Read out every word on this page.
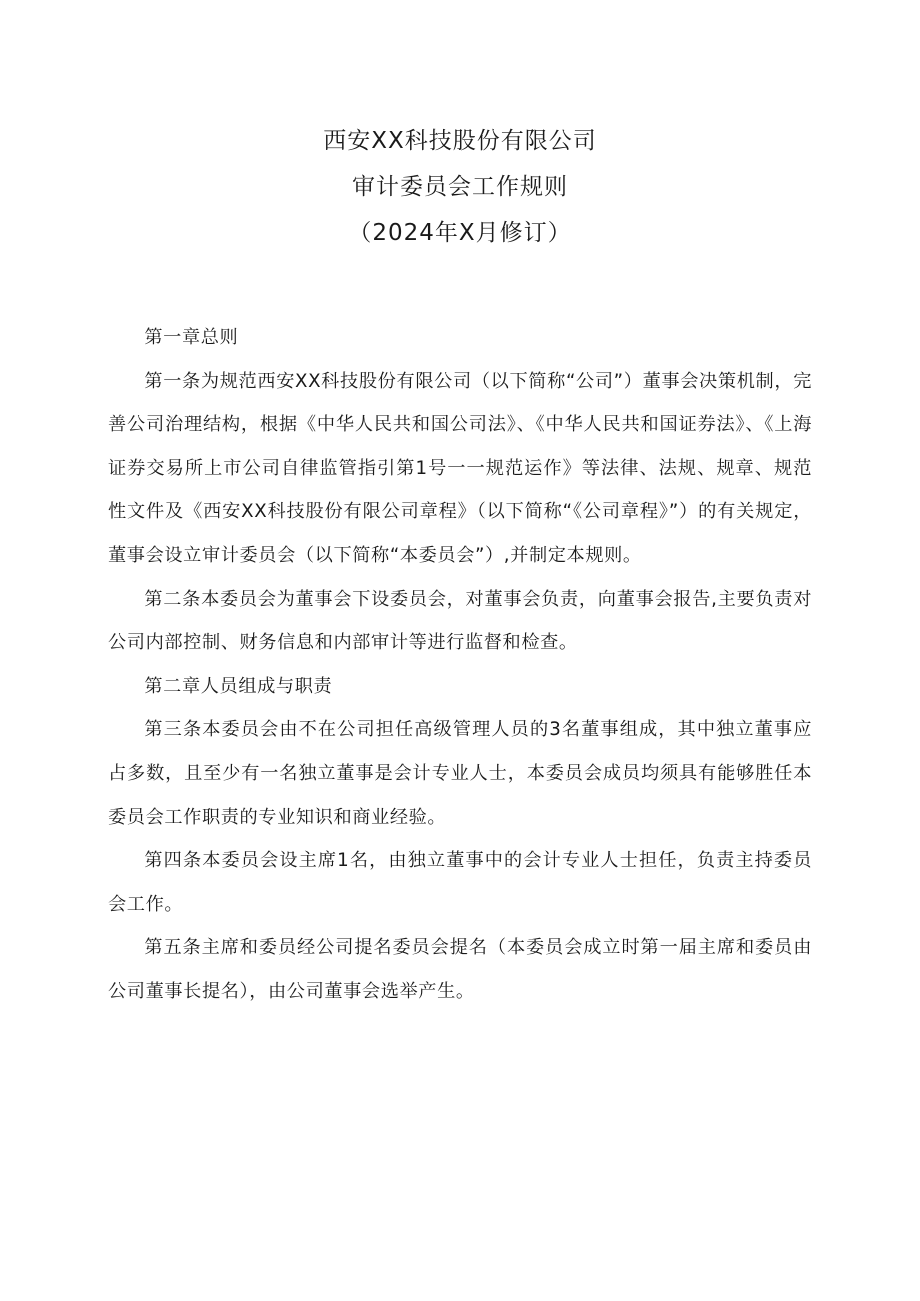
西安XX科技股份有限公司
审计委员会工作规则
（2024年X月修订）

第一章总则

第一条为规范西安XX科技股份有限公司（以下简称“公司”）董事会决策机制，完善公司治理结构，根据《中华人民共和国公司法》、《中华人民共和国证券法》、《上海证券交易所上市公司自律监管指引第1号一一规范运作》等法律、法规、规章、规范性文件及《西安XX科技股份有限公司章程》（以下简称“《公司章程》”）的有关规定，董事会设立审计委员会（以下简称“本委员会”）,并制定本规则。

第二条本委员会为董事会下设委员会，对董事会负责，向董事会报告,主要负责对公司内部控制、财务信息和内部审计等进行监督和检查。

第二章人员组成与职责

第三条本委员会由不在公司担任高级管理人员的3名董事组成，其中独立董事应占多数，且至少有一名独立董事是会计专业人士，本委员会成员均须具有能够胜任本委员会工作职责的专业知识和商业经验。

第四条本委员会设主席1名，由独立董事中的会计专业人士担任，负责主持委员会工作。

第五条主席和委员经公司提名委员会提名（本委员会成立时第一届主席和委员由公司董事长提名），由公司董事会选举产生。
